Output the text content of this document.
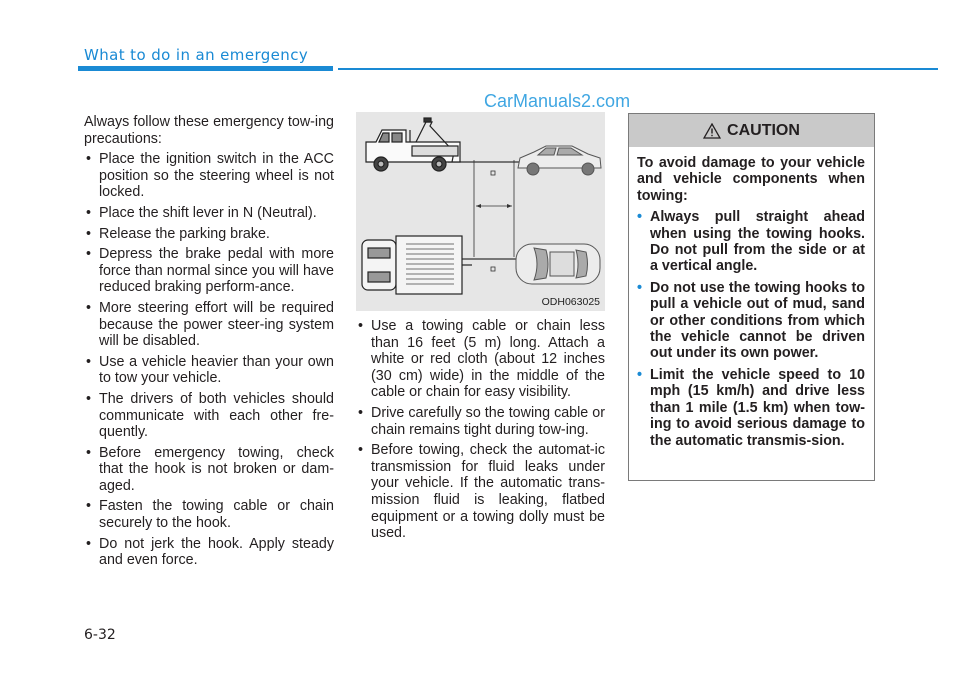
What to do in an emergency
CarManuals2.com

Always follow these emergency tow-ing precautions:

• Place the ignition switch in the ACC position so the steering wheel is not locked.
• Place the shift lever in N (Neutral).
• Release the parking brake.
• Depress the brake pedal with more force than normal since you will have reduced braking perform-ance.
• More steering effort will be required because the power steer-ing system will be disabled.
• Use a vehicle heavier than your own to tow your vehicle.
• The drivers of both vehicles should communicate with each other fre-quently.
• Before emergency towing, check that the hook is not broken or dam-aged.
• Fasten the towing cable or chain securely to the hook.
• Do not jerk the hook. Apply steady and even force.
ODH063025
• Use a towing cable or chain less than 16 feet (5 m) long. Attach a white or red cloth (about 12 inches (30 cm) wide) in the middle of the cable or chain for easy visibility.
• Drive carefully so the towing cable or chain remains tight during tow-ing.
• Before towing, check the automat-ic transmission for fluid leaks under your vehicle. If the automatic trans-mission fluid is leaking, flatbed equipment or a towing dolly must be used.
CAUTION

To avoid damage to your vehicle and vehicle components when towing:

• Always pull straight ahead when using the towing hooks. Do not pull from the side or at a vertical angle.
• Do not use the towing hooks to pull a vehicle out of mud, sand or other conditions from which the vehicle cannot be driven out under its own power.
• Limit the vehicle speed to 10 mph (15 km/h) and drive less than 1 mile (1.5 km) when tow-ing to avoid serious damage to the automatic transmis-sion.
6-32
